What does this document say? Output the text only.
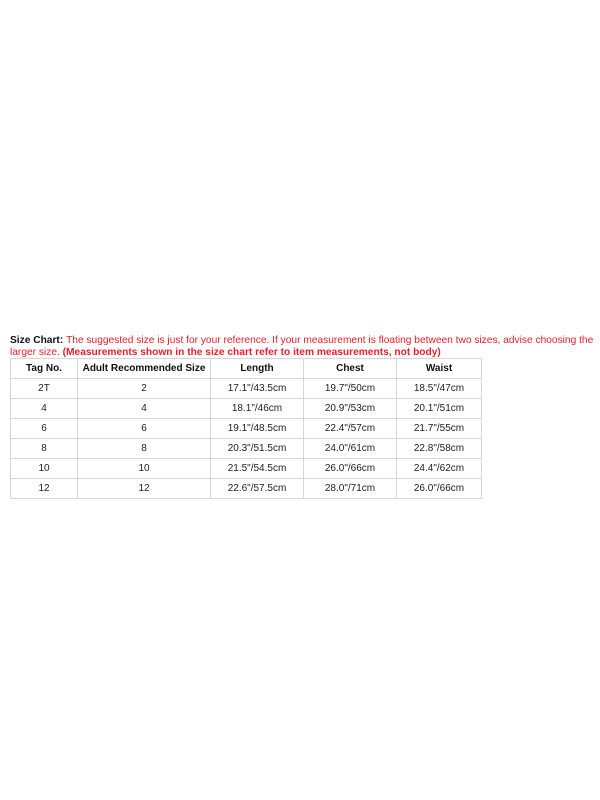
Size Chart: The suggested size is just for your reference. If your measurement is floating between two sizes, advise choosing the larger size. (Measurements shown in the size chart refer to item measurements, not body)
Tag No.	Adult Recommended Size	Length	Chest	Waist
2T	2	17.1"/43.5cm	19.7"/50cm	18.5"/47cm
4	4	18.1"/46cm	20.9"/53cm	20.1"/51cm
6	6	19.1"/48.5cm	22.4"/57cm	21.7"/55cm
8	8	20.3"/51.5cm	24.0"/61cm	22.8"/58cm
10	10	21.5"/54.5cm	26.0"/66cm	24.4"/62cm
12	12	22.6"/57.5cm	28.0"/71cm	26.0"/66cm
